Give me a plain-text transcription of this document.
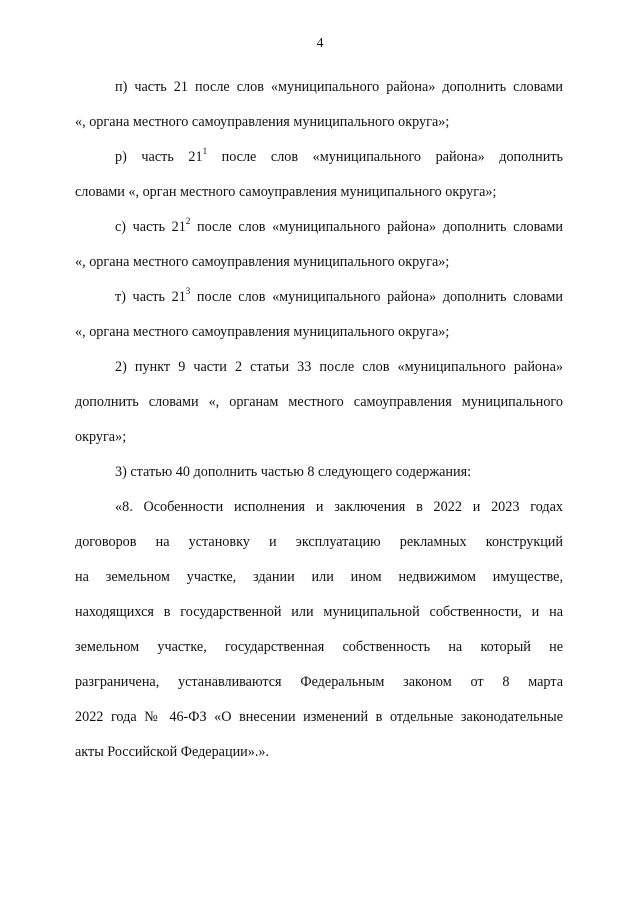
4
п) часть 21 после слов «муниципального района» дополнить словами
«, органа местного самоуправления муниципального округа»;
р) часть $21^1$ после слов «муниципального района» дополнить
словами «, орган местного самоуправления муниципального округа»;
с) часть $21^2$ после слов «муниципального района» дополнить словами
«, органа местного самоуправления муниципального округа»;
т) часть $21^3$ после слов «муниципального района» дополнить словами
«, органа местного самоуправления муниципального округа»;
2) пункт 9 части 2 статьи 33 после слов «муниципального района»
дополнить словами «, органам местного самоуправления муниципального
округа»;
3) статью 40 дополнить частью 8 следующего содержания:
«8. Особенности исполнения и заключения в 2022 и 2023 годах
договоров на установку и эксплуатацию рекламных конструкций
на земельном участке, здании или ином недвижимом имуществе,
находящихся в государственной или муниципальной собственности, и на
земельном участке, государственная собственность на который не
разграничена, устанавливаются Федеральным законом от 8 марта
2022 года № 46-ФЗ «О внесении изменений в отдельные законодательные
акты Российской Федерации».».
